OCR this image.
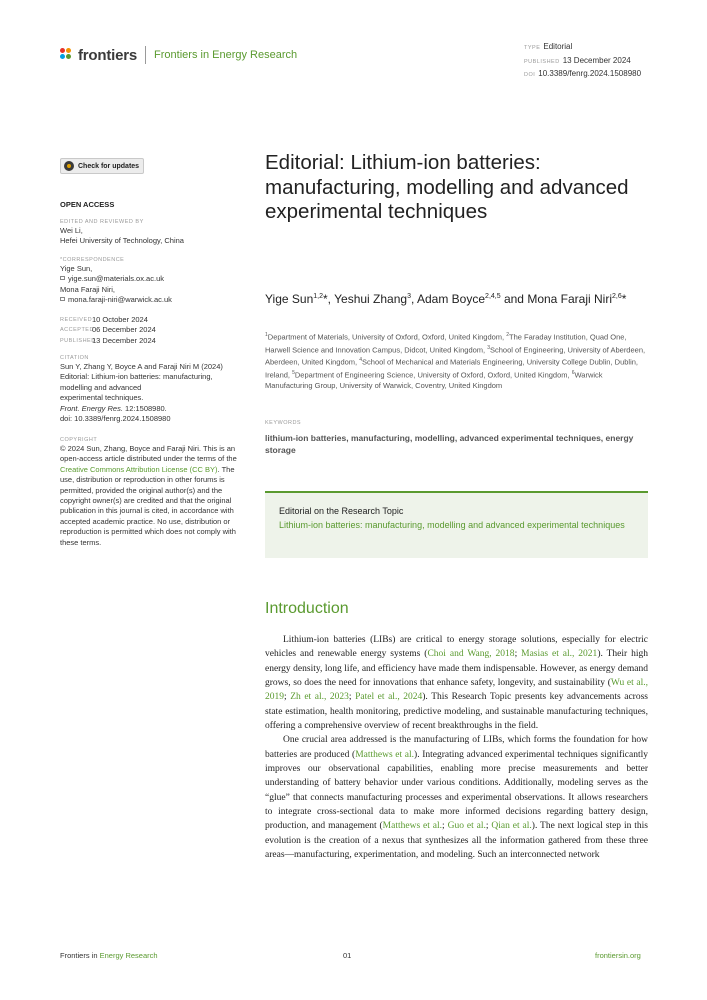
frontiers Frontiers in Energy Research
TYPE Editorial
PUBLISHED 13 December 2024
DOI 10.3389/fenrg.2024.1508980
Check for updates
OPEN ACCESS
EDITED AND REVIEWED BY
Wei Li,
Hefei University of Technology, China
*CORRESPONDENCE
Yige Sun,
yige.sun@materials.ox.ac.uk
Mona Faraji Niri,
mona.faraji-niri@warwick.ac.uk
RECEIVED 10 October 2024
ACCEPTED
06 December 2024
PUBLISHED
13 December 2024
CITATION
Sun Y, Zhang Y, Boyce A and Faraji Niri M (2024)
Editorial: Lithium-ion batteries: manufacturing,
modelling and advanced
experimental techniques.
Front. Energy Res. 12:1508980.
doi: 10.3389/fenrg.2024.1508980
COPYRIGHT
© 2024 Sun, Zhang, Boyce and Faraji Niri. This is an open-access article distributed under the terms of the Creative Commons Attribution License (CC BY). The use, distribution or reproduction in other forums is permitted, provided the original author(s) and the copyright owner(s) are credited and that the original publication in this journal is cited, in accordance with accepted academic practice. No use, distribution or reproduction is permitted which does not comply with these terms.
Editorial: Lithium-ion batteries: manufacturing, modelling and advanced experimental techniques
Yige Sun$^{1,2}$*, Yeshui Zhang$^3$, Adam Boyce$^{2,4,5}$ and Mona Faraji Niri$^{2,6}$*
$^1$Department of Materials, University of Oxford, Oxford, United Kingdom, $^2$The Faraday Institution, Quad One, Harwell Science and Innovation Campus, Didcot, United Kingdom, $^3$School of Engineering, University of Aberdeen, Aberdeen, United Kingdom, $^4$School of Mechanical and Materials Engineering, University College Dublin, Dublin, Ireland, $^5$Department of Engineering Science, University of Oxford, Oxford, United Kingdom, $^6$Warwick Manufacturing Group, University of Warwick, Coventry, United Kingdom
KEYWORDS
lithium-ion batteries, manufacturing, modelling, advanced experimental techniques, energy storage
Editorial on the Research Topic
Lithium-ion batteries: manufacturing, modelling and advanced experimental techniques
Introduction

Lithium-ion batteries (LIBs) are critical to energy storage solutions, especially for electric vehicles and renewable energy systems (Choi and Wang, 2018; Masias et al., 2021). Their high energy density, long life, and efficiency have made them indispensable. However, as energy demand grows, so does the need for innovations that enhance safety, longevity, and sustainability (Wu et al., 2019; Zh et al., 2023; Patel et al., 2024). This Research Topic presents key advancements across state estimation, health monitoring, predictive modeling, and sustainable manufacturing techniques, offering a comprehensive overview of recent breakthroughs in the field.

One crucial area addressed is the manufacturing of LIBs, which forms the foundation for how batteries are produced (Matthews et al.). Integrating advanced experimental techniques significantly improves our observational capabilities, enabling more precise measurements and better understanding of battery behavior under various conditions. Additionally, modeling serves as the “glue” that connects manufacturing processes and experimental observations. It allows researchers to integrate cross-sectional data to make more informed decisions regarding battery design, production, and management (Matthews et al.; Guo et al.; Qian et al.). The next logical step in this evolution is the creation of a nexus that synthesizes all the information gathered from these three areas—manufacturing, experimentation, and modeling. Such an interconnected network

Frontiers in Energy Research	01	frontiersin.org
